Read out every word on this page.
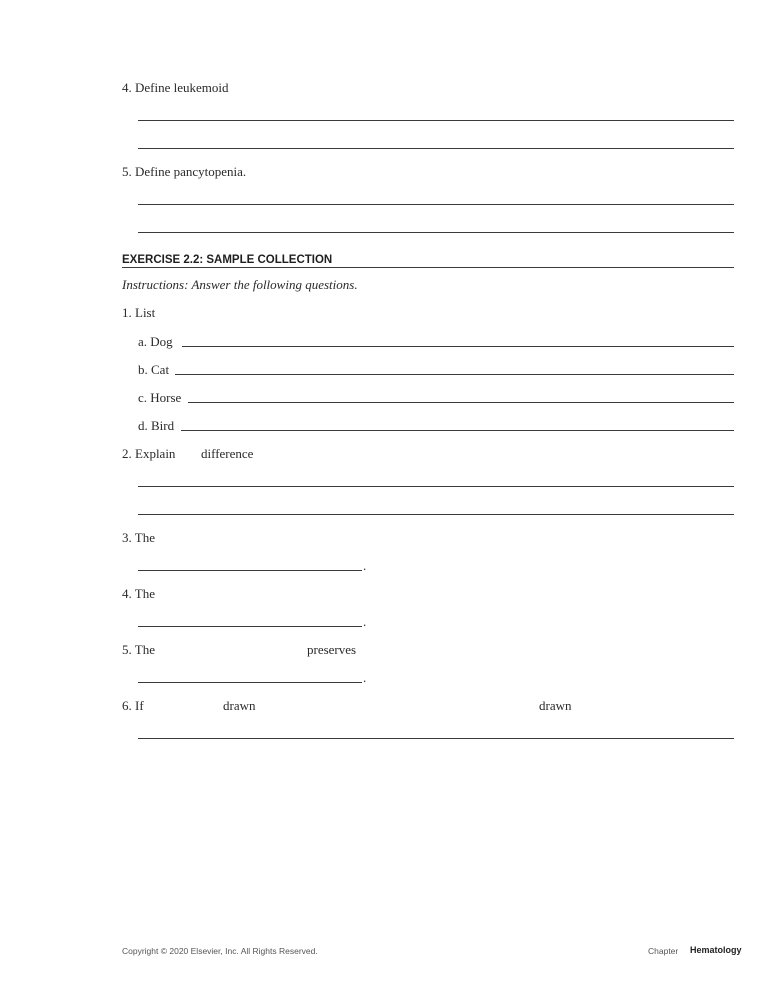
4. Define leukemoid
5. Define pancytopenia.
EXERCISE 2.2: SAMPLE COLLECTION
Instructions: Answer the following questions.
1. List
a. Dog
b. Cat
c. Horse
d. Bird
2. Explain difference
3. The
.
4. The
.
5. The	preserves
.
6. If	drawn	drawn
Copyright © 2020 Elsevier, Inc. All Rights Reserved.	Chapter Hematology
